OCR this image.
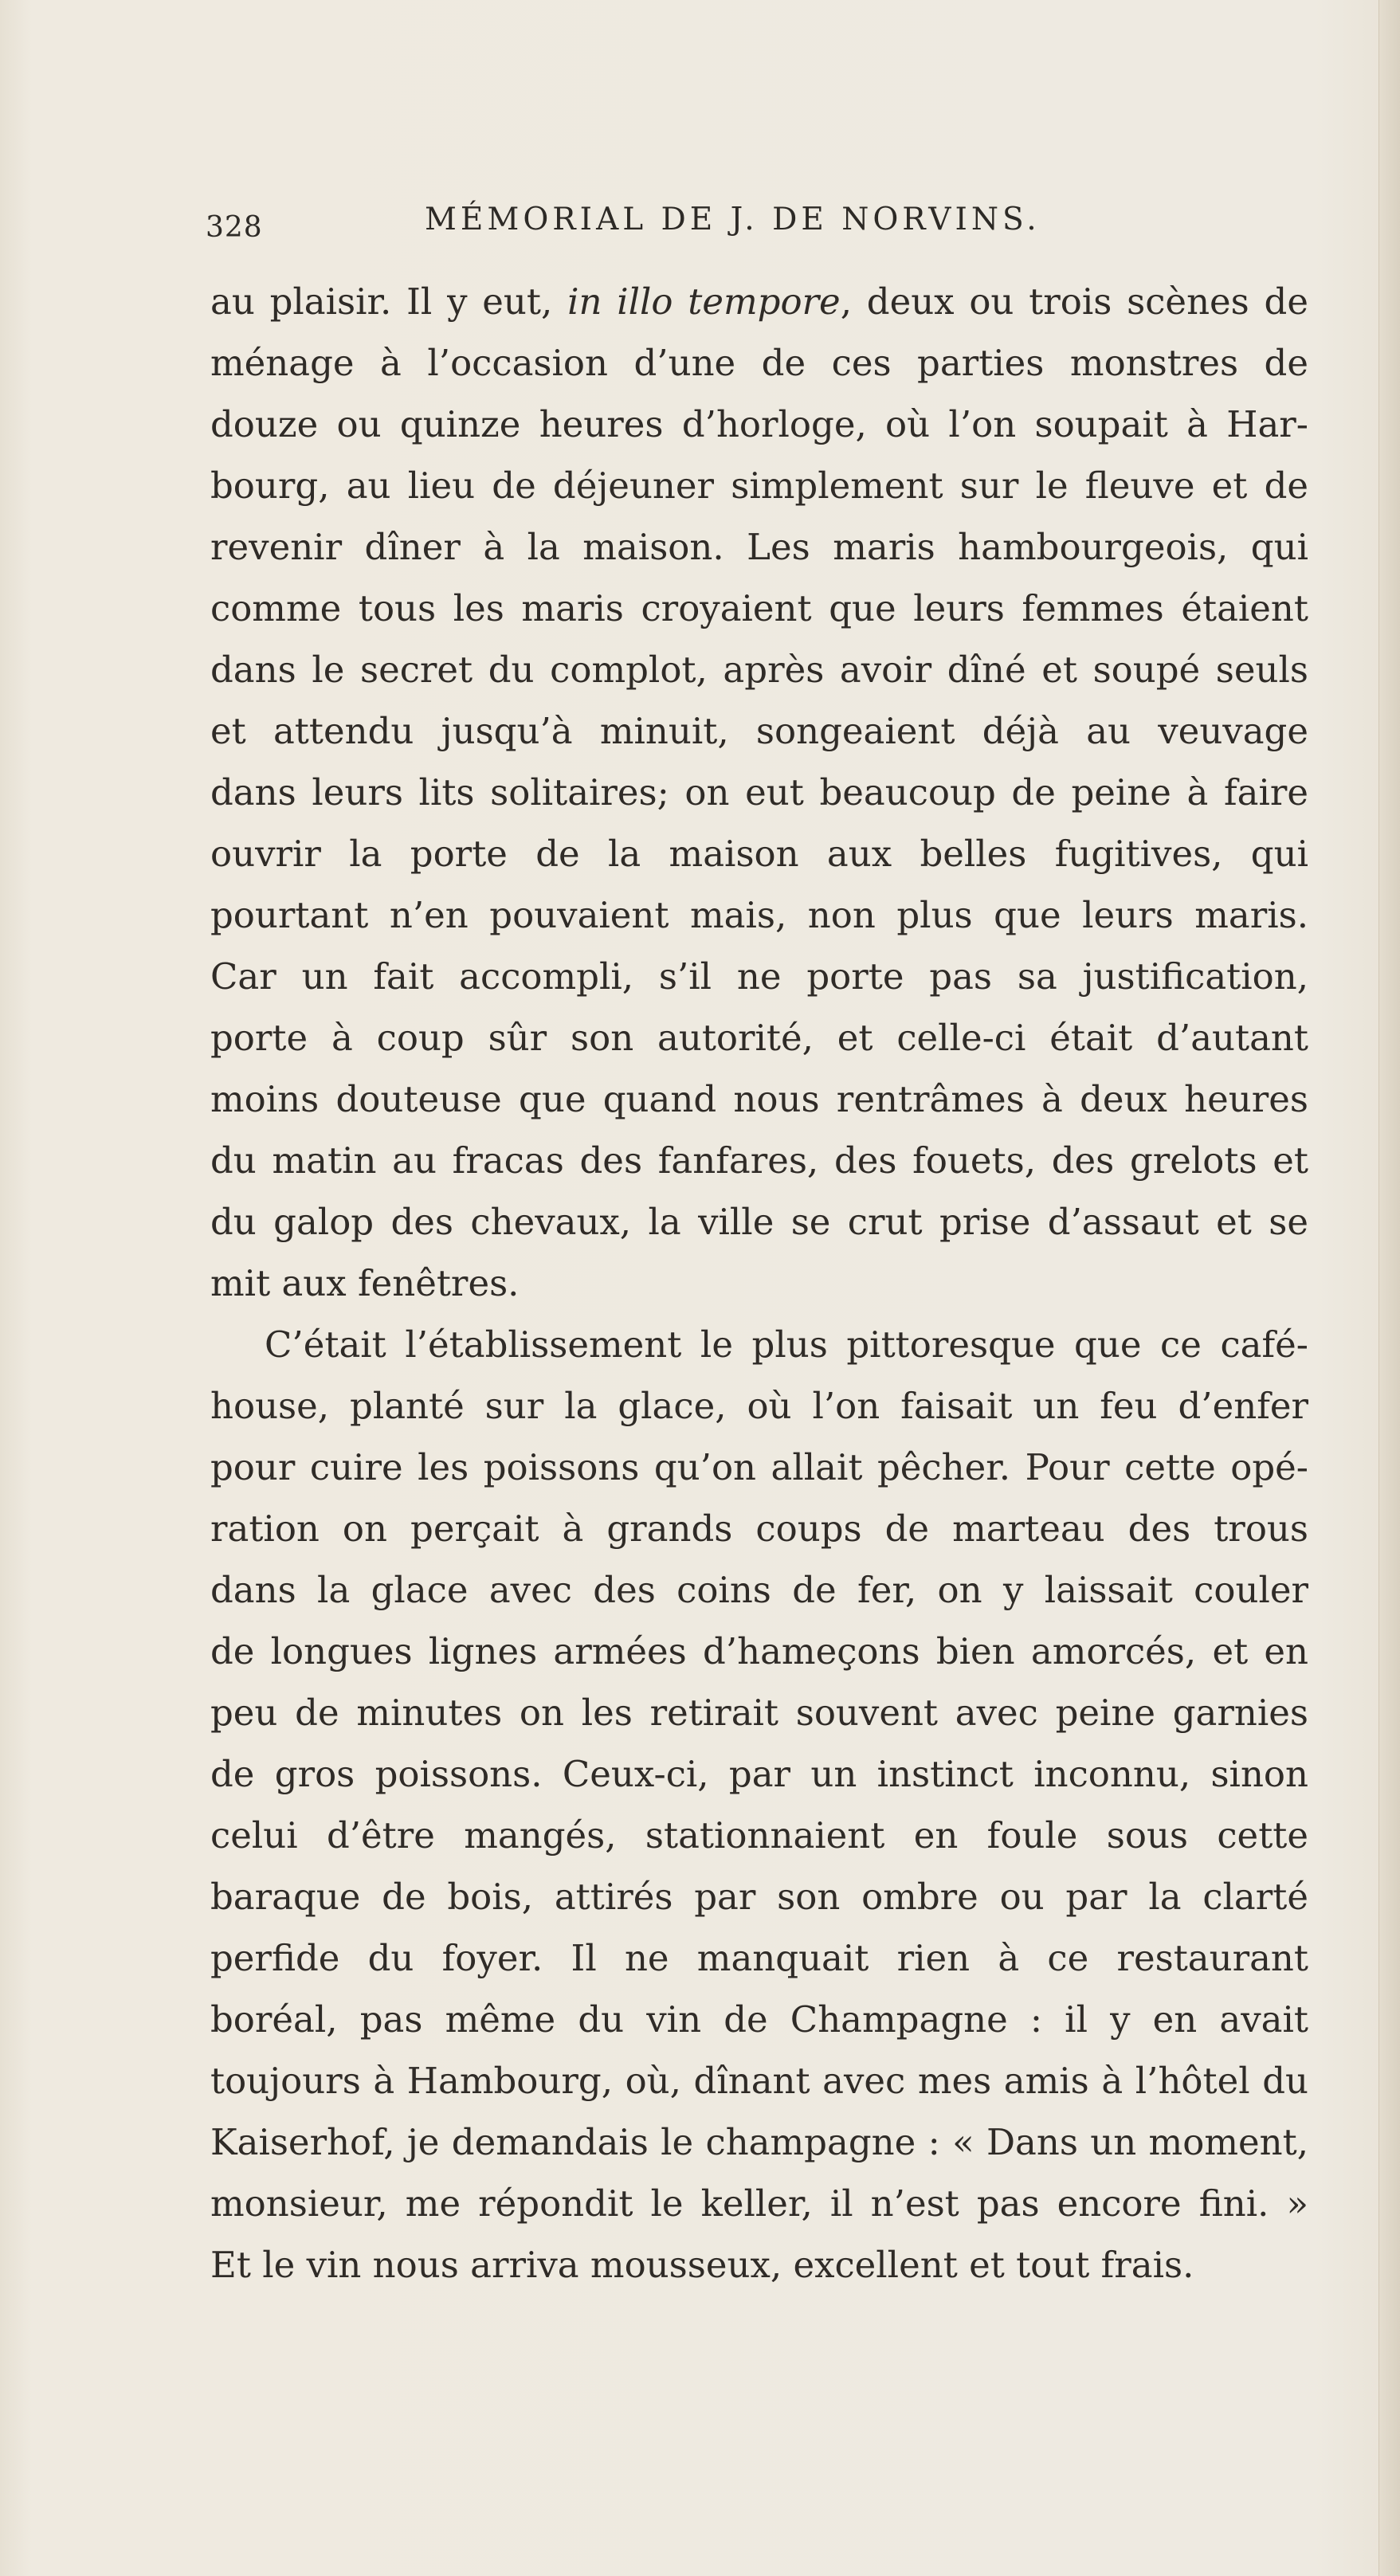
328	MÉMORIAL DE J. DE NORVINS.
au plaisir. Il y eut, in illo tempore, deux ou trois scènes de
ménage à l’occasion d’une de ces parties monstres de
douze ou quinze heures d’horloge, où l’on soupait à Har-
bourg, au lieu de déjeuner simplement sur le fleuve et de
revenir dîner à la maison. Les maris hambourgeois, qui
comme tous les maris croyaient que leurs femmes étaient
dans le secret du complot, après avoir dîné et soupé seuls
et attendu jusqu’à minuit, songeaient déjà au veuvage
dans leurs lits solitaires; on eut beaucoup de peine à faire
ouvrir la porte de la maison aux belles fugitives, qui
pourtant n’en pouvaient mais, non plus que leurs maris.
Car un fait accompli, s’il ne porte pas sa justification,
porte à coup sûr son autorité, et celle-ci était d’autant
moins douteuse que quand nous rentrâmes à deux heures
du matin au fracas des fanfares, des fouets, des grelots et
du galop des chevaux, la ville se crut prise d’assaut et se
mit aux fenêtres.
C’était l’établissement le plus pittoresque que ce café-
house, planté sur la glace, où l’on faisait un feu d’enfer
pour cuire les poissons qu’on allait pêcher. Pour cette opé-
ration on perçait à grands coups de marteau des trous
dans la glace avec des coins de fer, on y laissait couler
de longues lignes armées d’hameçons bien amorcés, et en
peu de minutes on les retirait souvent avec peine garnies
de gros poissons. Ceux-ci, par un instinct inconnu, sinon
celui d’être mangés, stationnaient en foule sous cette
baraque de bois, attirés par son ombre ou par la clarté
perfide du foyer. Il ne manquait rien à ce restaurant
boréal, pas même du vin de Champagne : il y en avait
toujours à Hambourg, où, dînant avec mes amis à l’hôtel du
Kaiserhof, je demandais le champagne : « Dans un moment,
monsieur, me répondit le keller, il n’est pas encore fini. »
Et le vin nous arriva mousseux, excellent et tout frais.
